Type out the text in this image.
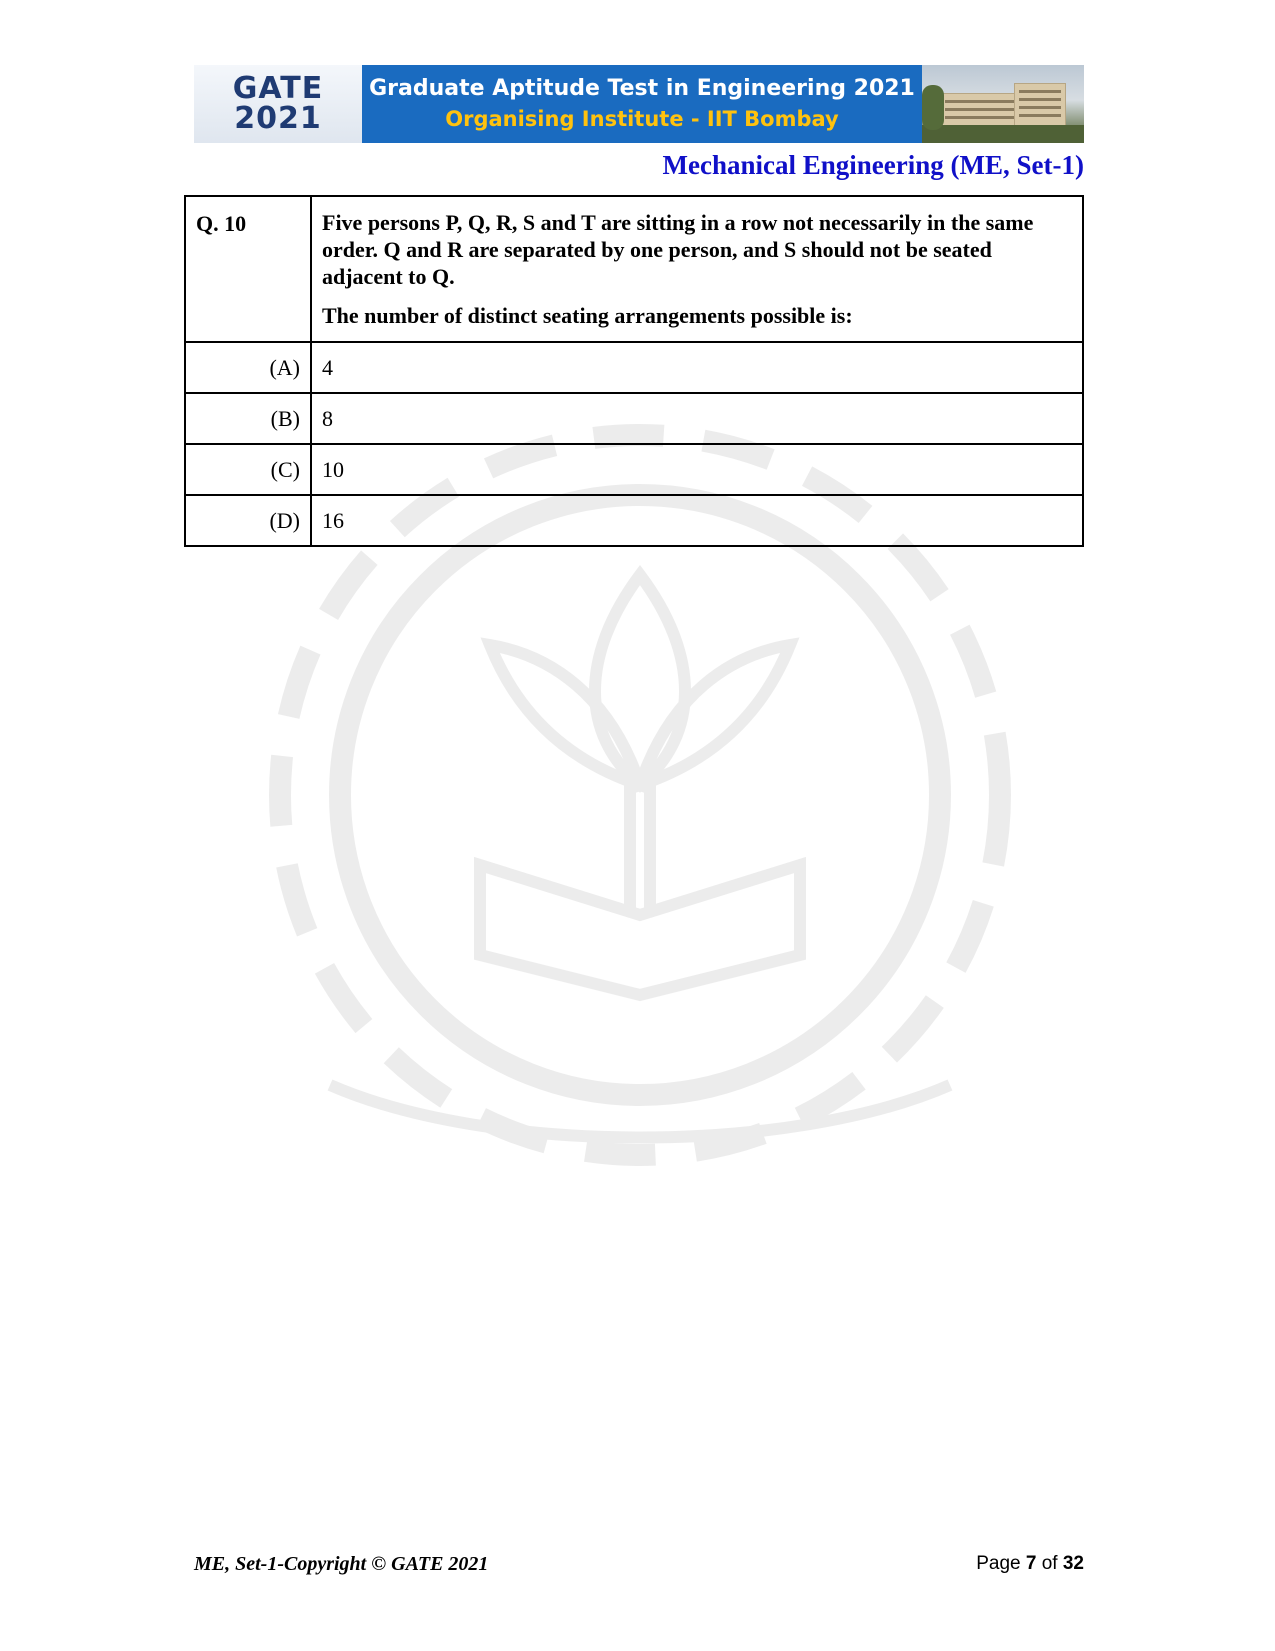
GATE
2021
Graduate Aptitude Test in Engineering 2021
Organising Institute - IIT Bombay
Mechanical Engineering (ME, Set-1)
Q. 10	Five persons P, Q, R, S and T are sitting in a row not necessarily in the same order. Q and R are separated by one person, and S should not be seated adjacent to Q.

The number of distinct seating arrangements possible is:

(A)	4
(B)	8
(C)	10
(D)	16
ME, Set-1-Copyright © GATE 2021	Page 7 of 32
